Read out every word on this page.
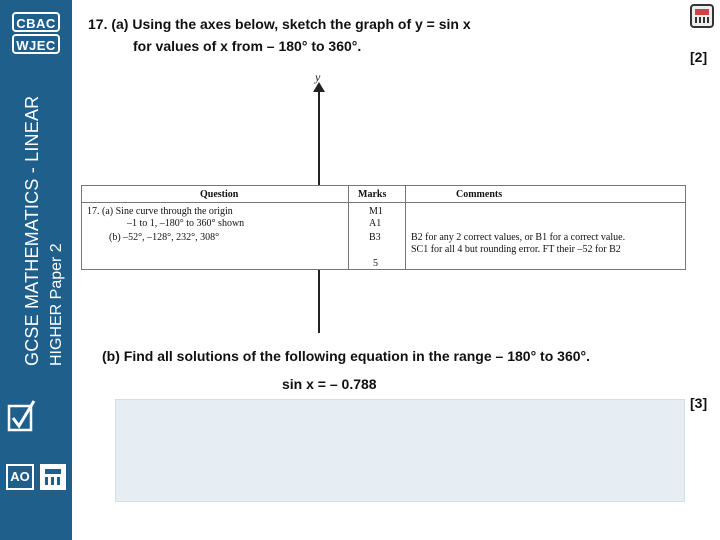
CBAC
WJEC
GCSE MATHEMATICS - LINEAR HIGHER Paper 2
AO
17. (a) Using the axes below, sketch the graph of y = sin x
for values of x from – 180° to 360°.
[2]
y
Question	Marks	Comments
17. (a) Sine curve through the origin	M1
–1 to 1, –180° to 360° shown	A1
(b) –52°, –128°, 232°, 308°	B3	B2 for any 2 correct values, or B1 for a correct value.
SC1 for all 4 but rounding error. FT their –52 for B2
5
(b) Find all solutions of the following equation in the range – 180° to 360°.
sin x = – 0.788
[3]
